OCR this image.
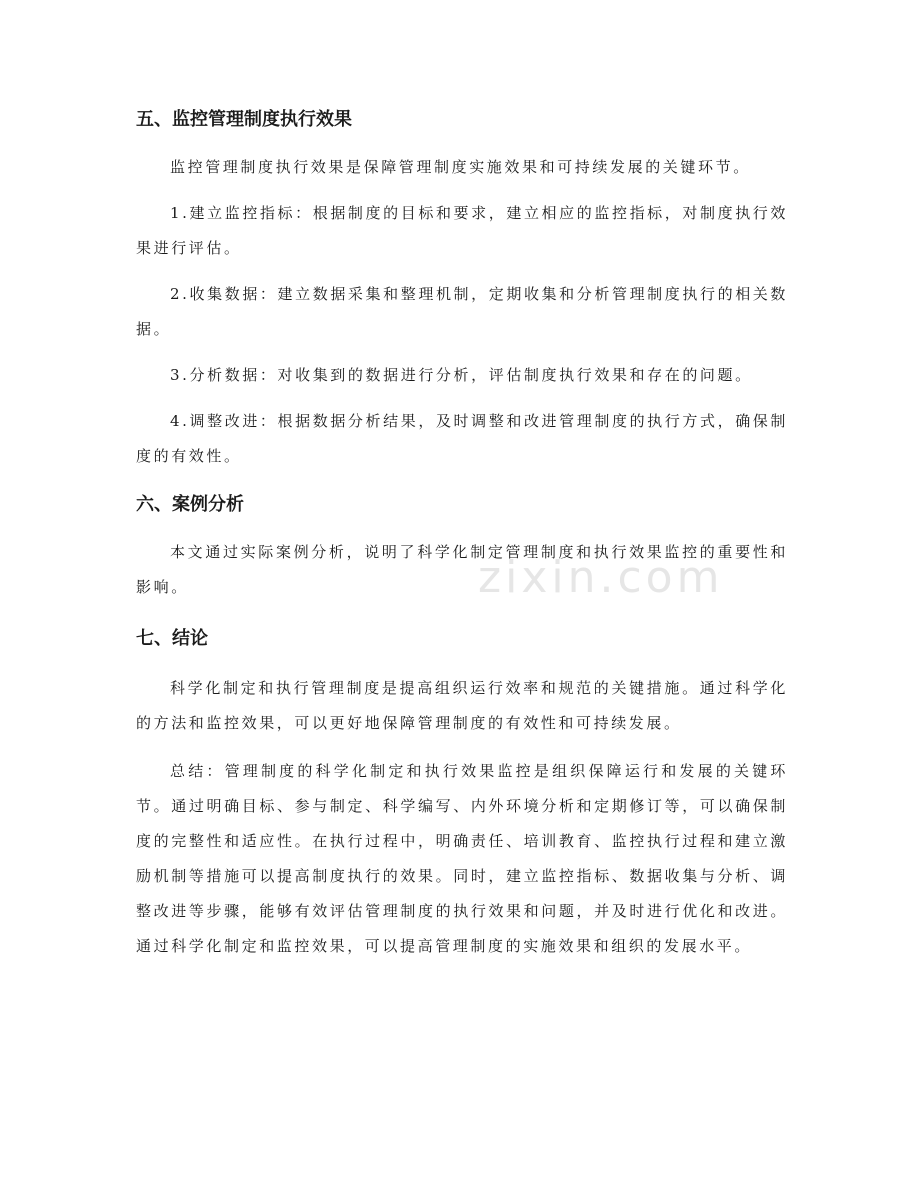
zixin.com
五、监控管理制度执行效果

监控管理制度执行效果是保障管理制度实施效果和可持续发展的关键环节。

1.建立监控指标：根据制度的目标和要求，建立相应的监控指标，对制度执行效果进行评估。

2.收集数据：建立数据采集和整理机制，定期收集和分析管理制度执行的相关数据。

3.分析数据：对收集到的数据进行分析，评估制度执行效果和存在的问题。

4.调整改进：根据数据分析结果，及时调整和改进管理制度的执行方式，确保制度的有效性。

六、案例分析

本文通过实际案例分析，说明了科学化制定管理制度和执行效果监控的重要性和影响。

七、结论

科学化制定和执行管理制度是提高组织运行效率和规范的关键措施。通过科学化的方法和监控效果，可以更好地保障管理制度的有效性和可持续发展。

总结：管理制度的科学化制定和执行效果监控是组织保障运行和发展的关键环节。通过明确目标、参与制定、科学编写、内外环境分析和定期修订等，可以确保制度的完整性和适应性。在执行过程中，明确责任、培训教育、监控执行过程和建立激励机制等措施可以提高制度执行的效果。同时，建立监控指标、数据收集与分析、调整改进等步骤，能够有效评估管理制度的执行效果和问题，并及时进行优化和改进。通过科学化制定和监控效果，可以提高管理制度的实施效果和组织的发展水平。
